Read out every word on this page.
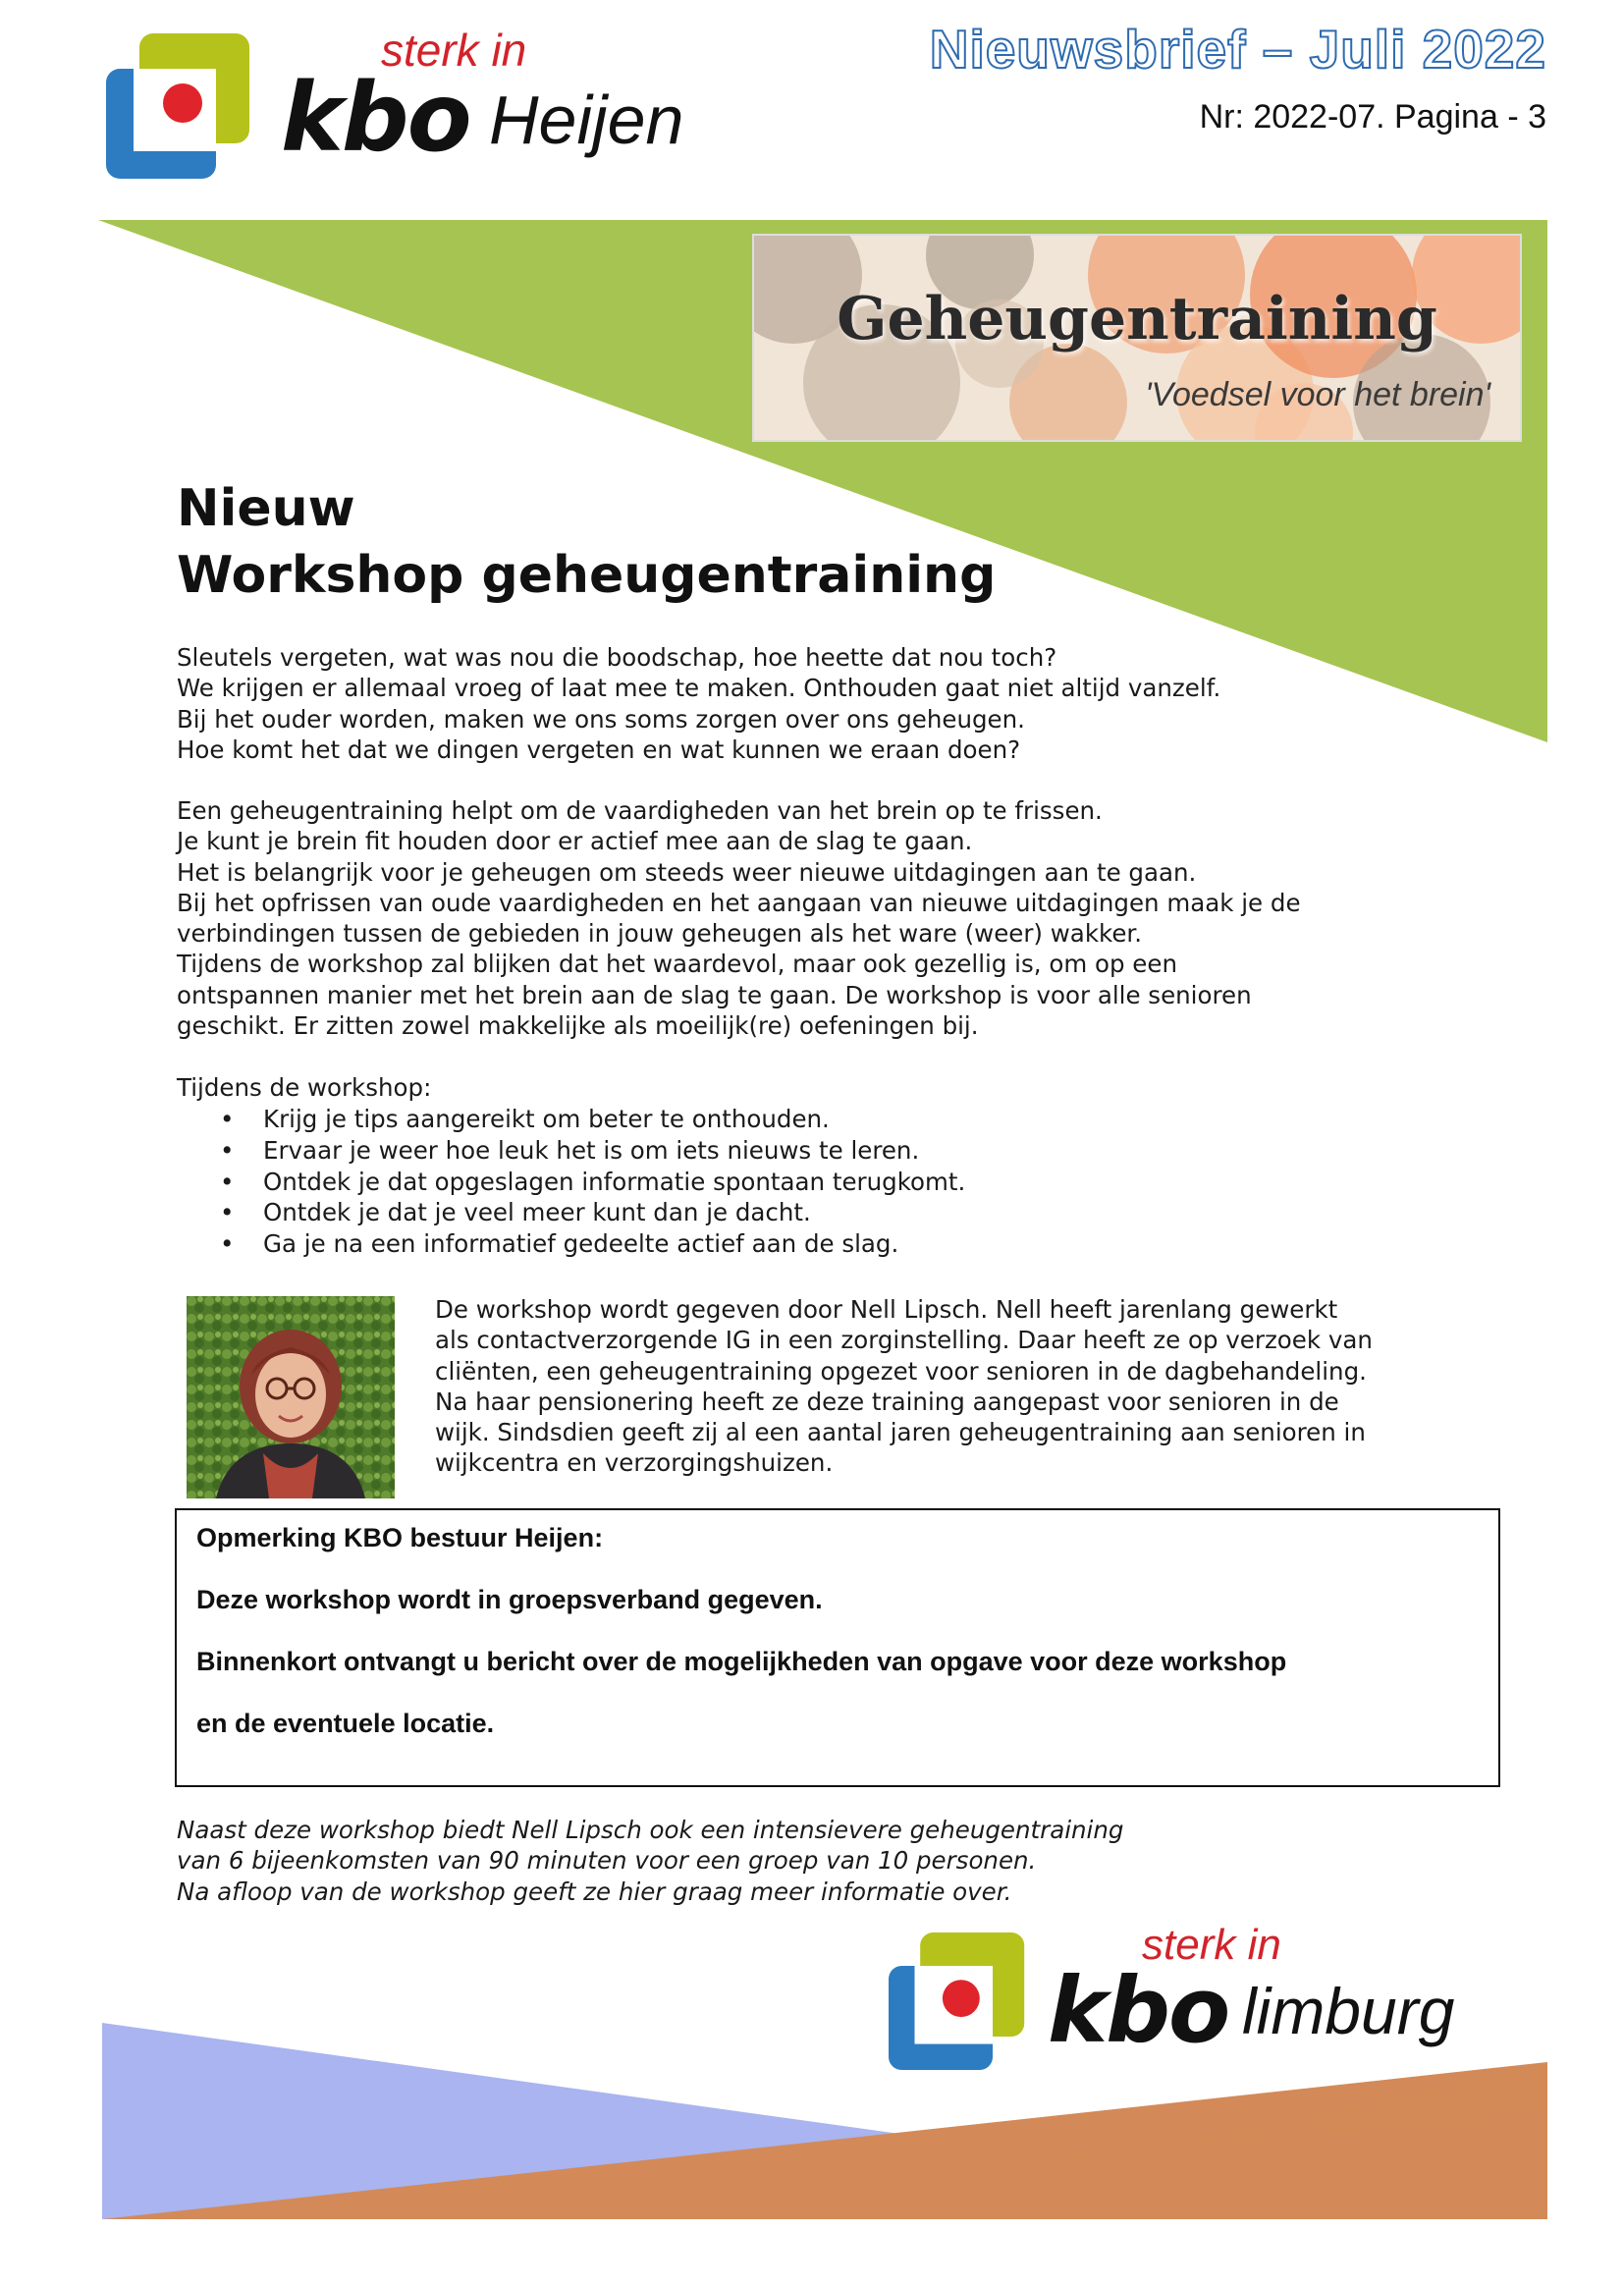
sterk in
kbo Heijen
Nieuwsbrief – Juli 2022
Nr: 2022-07. Pagina - 3
Geheugentraining
'Voedsel voor het brein'
Nieuw
Workshop geheugentraining
Sleutels vergeten, wat was nou die boodschap, hoe heette dat nou toch?
We krijgen er allemaal vroeg of laat mee te maken. Onthouden gaat niet altijd vanzelf.
Bij het ouder worden, maken we ons soms zorgen over ons geheugen.
Hoe komt het dat we dingen vergeten en wat kunnen we eraan doen?
Een geheugentraining helpt om de vaardigheden van het brein op te frissen.
Je kunt je brein fit houden door er actief mee aan de slag te gaan.
Het is belangrijk voor je geheugen om steeds weer nieuwe uitdagingen aan te gaan.
Bij het opfrissen van oude vaardigheden en het aangaan van nieuwe uitdagingen maak je de
verbindingen tussen de gebieden in jouw geheugen als het ware (weer) wakker.
Tijdens de workshop zal blijken dat het waardevol, maar ook gezellig is, om op een
ontspannen manier met het brein aan de slag te gaan. De workshop is voor alle senioren
geschikt. Er zitten zowel makkelijke als moeilijk(re) oefeningen bij.
Tijdens de workshop:
• Krijg je tips aangereikt om beter te onthouden.
• Ervaar je weer hoe leuk het is om iets nieuws te leren.
• Ontdek je dat opgeslagen informatie spontaan terugkomt.
• Ontdek je dat je veel meer kunt dan je dacht.
• Ga je na een informatief gedeelte actief aan de slag.
De workshop wordt gegeven door Nell Lipsch. Nell heeft jarenlang gewerkt
als contactverzorgende IG in een zorginstelling. Daar heeft ze op verzoek van
cliënten, een geheugentraining opgezet voor senioren in de dagbehandeling.
Na haar pensionering heeft ze deze training aangepast voor senioren in de
wijk. Sindsdien geeft zij al een aantal jaren geheugentraining aan senioren in
wijkcentra en verzorgingshuizen.
Opmerking KBO bestuur Heijen:
Deze workshop wordt in groepsverband gegeven.
Binnenkort ontvangt u bericht over de mogelijkheden van opgave voor deze workshop
en de eventuele locatie.
Naast deze workshop biedt Nell Lipsch ook een intensievere geheugentraining
van 6 bijeenkomsten van 90 minuten voor een groep van 10 personen.
Na afloop van de workshop geeft ze hier graag meer informatie over.
sterk in
kbo limburg
